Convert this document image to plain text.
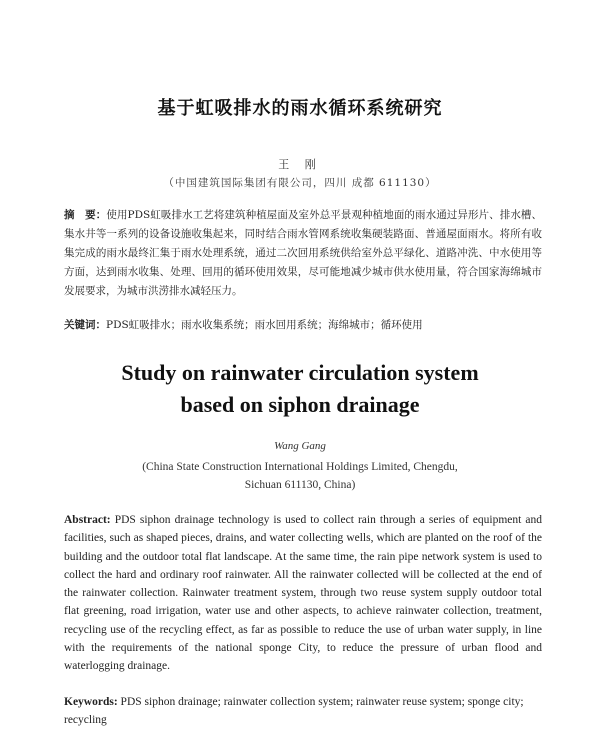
基于虹吸排水的雨水循环系统研究
王 刚
（中国建筑国际集团有限公司，四川 成都 611130）
摘　要：使用PDS虹吸排水工艺将建筑种植屋面及室外总平景观种植地面的雨水通过异形片、排水槽、集水井等一系列的设备设施收集起来，同时结合雨水管网系统收集硬装路面、普通屋面雨水。将所有收集完成的雨水最终汇集于雨水处理系统，通过二次回用系统供给室外总平绿化、道路冲洗、中水使用等方面，达到雨水收集、处理、回用的循环使用效果，尽可能地减少城市供水使用量，符合国家海绵城市发展要求，为城市洪涝排水减轻压力。
关键词：PDS虹吸排水；雨水收集系统；雨水回用系统；海绵城市；循环使用
Study on rainwater circulation system
based on siphon drainage
Wang Gang
(China State Construction International Holdings Limited, Chengdu,
Sichuan 611130, China)
Abstract: PDS siphon drainage technology is used to collect rain through a series of equipment and facilities, such as shaped pieces, drains, and water collecting wells, which are planted on the roof of the building and the outdoor total flat landscape. At the same time, the rain pipe network system is used to collect the hard and ordinary roof rainwater. All the rainwater collected will be collected at the end of the rainwater collection. Rainwater treatment system, through two reuse system supply outdoor total flat greening, road irrigation, water use and other aspects, to achieve rainwater collection, treatment, recycling use of the recycling effect, as far as possible to reduce the use of urban water supply, in line with the requirements of the national sponge City, to reduce the pressure of urban flood and waterlogging drainage.
Keywords: PDS siphon drainage; rainwater collection system; rainwater reuse system; sponge city; recycling
